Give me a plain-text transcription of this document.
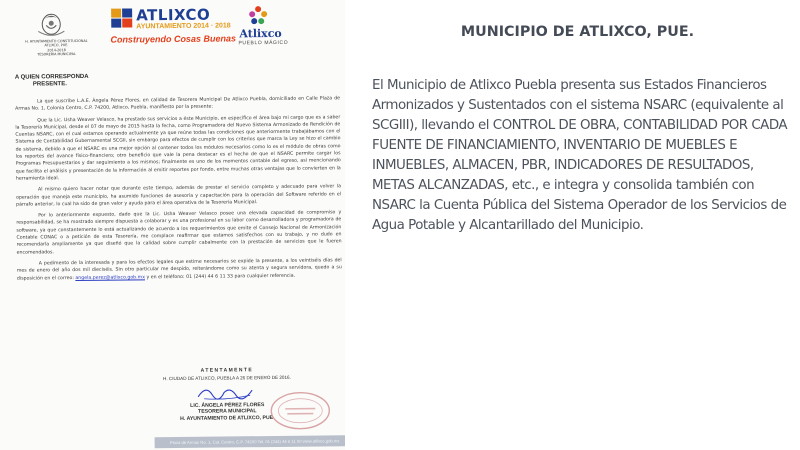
H. AYUNTAMIENTO CONSTITUCIONAL
ATLIXCO, PUE.
2014-2018
TESORERIA MUNICIPAL
ATLIXCO
AYUNTAMIENTO 2014 · 2018
Construyendo Cosas Buenas Atlixco
PUEBLO MÁGICO
A QUIEN CORRESPONDA
PRESENTE.

La que suscribe L.A.E. Ángela Pérez Flores, en calidad de Tesorera Municipal De Atlixco Puebla, domiciliado en Calle Plaza de Armas No. 1, Colonia Centro, C.P. 74200, Atlixco, Puebla, manifiesto por la presente:

Que la Lic. Usha Weaver Velasco, ha prestado sus servicios a éste Municipio, en específico el área bajo mi cargo que es a saber la Tesorería Municipal, desde el 07 de mayo de 2015 hasta la fecha, como Programadora del Nuevo Sistema Armonizado de Rendición de Cuentas NSARC, con el cual estamos operando actualmente ya que reúne todas las condiciones que anteriormente trabajábamos con el Sistema de Contabilidad Gubernamental SCGII, sin embargo para efectos de cumplir con los criterios que marca la Ley se hizo el cambio de sistema, debido a que el NSARC es una mejor opción al contener todos los módulos necesarios como lo es el módulo de obras como los reportes del avance físico-financiero; otro beneficio que vale la pena destacar es el hecho de que el NSARC permite cargar los Programas Presupuestarios y dar seguimiento a los mismos; finalmente es uno de los momentos contable del egreso, así mencionando que facilita el análisis y presentación de la información al emitir reportes por fondo, entre muchas otras ventajas que lo convierten en la herramienta ideal.

Al mismo quiero hacer notar que durante este tiempo, además de prestar el servicio completo y adecuado para volver la operación que maneja este municipio, ha asumido funciones de asesoría y capacitación para la operación del Software referido en el párrafo anterior, lo cual ha sido de gran valor y ayuda para el área operativa de la Tesorería Municipal.

Por lo anteriormente expuesto, dado que la Lic. Usha Weaver Velasco posee una elevada capacidad de compromiso y responsabilidad, se ha mostrado siempre dispuesta a colaborar y es una profesional en su labor como desarrolladora y programadora de software, ya que constantemente lo está actualizando de acuerdo a los requerimientos que emite el Consejo Nacional de Armonización Contable CONAC o a petición de esta Tesorería, me complace reafirmar que estamos satisfechos con su trabajo, y no dudo en recomendarla ampliamente ya que diseñó que la calidad sobre cumplir cabalmente con la prestación de servicios que le fueren encomendados.

A pedimento de la interesada y para los efectos legales que estime necesarios se expide la presente, a los veintiséis días del mes de enero del año dos mil dieciséis. Sin otro particular me despido, reiterándome como su atenta y segura servidora, quedo a su disposición en el correo: angela.perez@atlixco.gob.mx y en el teléfono: 01 (244) 44 6 11 33 para cualquier referencia.

ATENTAMENTE
H. CIUDAD DE ATLIXCO, PUEBLA A 26 DE ENERO DE 2016.
LIC. ÁNGELA PÉREZ FLORES
TESORERA MUNICIPAL
H. AYUNTAMIENTO DE ATLIXCO, PUE.
Plaza de Armas No. 1, Col. Centro, C.P. 74200 Tel. 01 (244) 44 6 11 00 www.atlixco.gob.mx
MUNICIPIO DE ATLIXCO, PUE.

El Municipio de Atlixco Puebla presenta sus Estados Financieros Armonizados y Sustentados con el sistema NSARC (equivalente al SCGIII), llevando el CONTROL DE OBRA, CONTABILIDAD POR CADA FUENTE DE FINANCIAMIENTO, INVENTARIO DE MUEBLES E INMUEBLES, ALMACEN, PBR, INDICADORES DE RESULTADOS, METAS ALCANZADAS, etc., e integra y consolida también con NSARC la Cuenta Pública del Sistema Operador de los Servicios de Agua Potable y Alcantarillado del Municipio.
